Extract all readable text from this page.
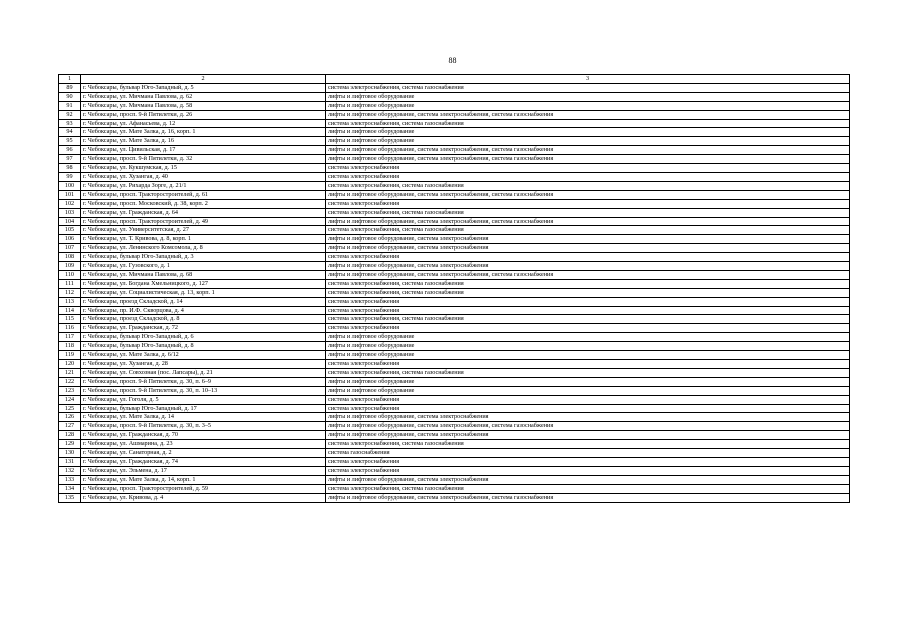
88
1	2	3
89	г. Чебоксары, бульвар Юго-Западный, д. 5	система электроснабжения, система газоснабжения
90	г. Чебоксары, ул. Мичмана Павлова, д. 62	лифты и лифтовое оборудование
91	г. Чебоксары, ул. Мичмана Павлова, д. 58	лифты и лифтовое оборудование
92	г. Чебоксары, просп. 9-й Пятилетки, д. 26	лифты и лифтовое оборудование, система электроснабжения, система газоснабжения
93	г. Чебоксары, ул. Афанасьева, д. 12	система электроснабжения, система газоснабжения
94	г. Чебоксары, ул. Мате Залка, д. 16, корп. 1	лифты и лифтовое оборудование
95	г. Чебоксары, ул. Мате Залка, д. 16	лифты и лифтовое оборудование
96	г. Чебоксары, ул. Цивильская, д. 17	лифты и лифтовое оборудование, система электроснабжения, система газоснабжения
97	г. Чебоксары, просп. 9-й Пятилетки, д. 32	лифты и лифтовое оборудование, система электроснабжения, система газоснабжения
98	г. Чебоксары, ул. Кукшумская, д. 15	система электроснабжения
99	г. Чебоксары, ул. Хузангая, д. 40	система электроснабжения
100	г. Чебоксары, ул. Рихарда Зорге, д. 21/1	система электроснабжения, система газоснабжения
101	г. Чебоксары, просп. Тракторостроителей, д. 61	лифты и лифтовое оборудование, система электроснабжения, система газоснабжения
102	г. Чебоксары, просп. Московский, д. 38, корп. 2	система электроснабжения
103	г. Чебоксары, ул. Гражданская, д. 64	система электроснабжения, система газоснабжения
104	г. Чебоксары, просп. Тракторостроителей, д. 49	лифты и лифтовое оборудование, система электроснабжения, система газоснабжения
105	г. Чебоксары, ул. Университетская, д. 27	система электроснабжения, система газоснабжения
106	г. Чебоксары, ул. Т. Кривова, д. 8, корп. 1	лифты и лифтовое оборудование, система электроснабжения
107	г. Чебоксары, ул. Ленинского Комсомола, д. 8	лифты и лифтовое оборудование, система электроснабжения
108	г. Чебоксары, бульвар Юго-Западный, д. 3	система электроснабжения
109	г. Чебоксары, ул. Гузовского, д. 1	лифты и лифтовое оборудование, система электроснабжения
110	г. Чебоксары, ул. Мичмана Павлова, д. 68	лифты и лифтовое оборудование, система электроснабжения, система газоснабжения
111	г. Чебоксары, ул. Богдана Хмельницкого, д. 127	система электроснабжения, система газоснабжения
112	г. Чебоксары, ул. Социалистическая, д. 13, корп. 1	система электроснабжения, система газоснабжения
113	г. Чебоксары, проезд Складской, д. 14	система электроснабжения
114	г. Чебоксары, пр. И.Ф. Скворцова, д. 4	система электроснабжения
115	г. Чебоксары, проезд Складской, д. 8	система электроснабжения, система газоснабжения
116	г. Чебоксары, ул. Гражданская, д. 72	система электроснабжения
117	г. Чебоксары, бульвар Юго-Западный, д. 6	лифты и лифтовое оборудование
118	г. Чебоксары, бульвар Юго-Западный, д. 8	лифты и лифтовое оборудование
119	г. Чебоксары, ул. Мате Залка, д. 6/12	лифты и лифтовое оборудование
120	г. Чебоксары, ул. Хузангая, д. 28	система электроснабжения
121	г. Чебоксары, ул. Совхозная (пос. Лапсары), д. 21	система электроснабжения, система газоснабжения
122	г. Чебоксары, просп. 9-й Пятилетки, д. 30, п. 6–9	лифты и лифтовое оборудование
123	г. Чебоксары, просп. 9-й Пятилетки, д. 30, п. 10–13	лифты и лифтовое оборудование
124	г. Чебоксары, ул. Гоголя, д. 5	система электроснабжения
125	г. Чебоксары, бульвар Юго-Западный, д. 17	система электроснабжения
126	г. Чебоксары, ул. Мате Залка, д. 14	лифты и лифтовое оборудование, система электроснабжения
127	г. Чебоксары, просп. 9-й Пятилетки, д. 30, п. 3–5	лифты и лифтовое оборудование, система электроснабжения, система газоснабжения
128	г. Чебоксары, ул. Гражданская, д. 70	лифты и лифтовое оборудование, система электроснабжения
129	г. Чебоксары, ул. Ашмарина, д. 23	система электроснабжения, система газоснабжения
130	г. Чебоксары, ул. Санаторная, д. 2	система газоснабжения
131	г. Чебоксары, ул. Гражданская, д. 74	система электроснабжения
132	г. Чебоксары, ул. Эльмена, д. 17	система электроснабжения
133	г. Чебоксары, ул. Мате Залка, д. 14, корп. 1	лифты и лифтовое оборудование, система электроснабжения
134	г. Чебоксары, просп. Тракторостроителей, д. 59	система электроснабжения, система газоснабжения
135	г. Чебоксары, ул. Кривова, д. 4	лифты и лифтовое оборудование, система электроснабжения, система газоснабжения
